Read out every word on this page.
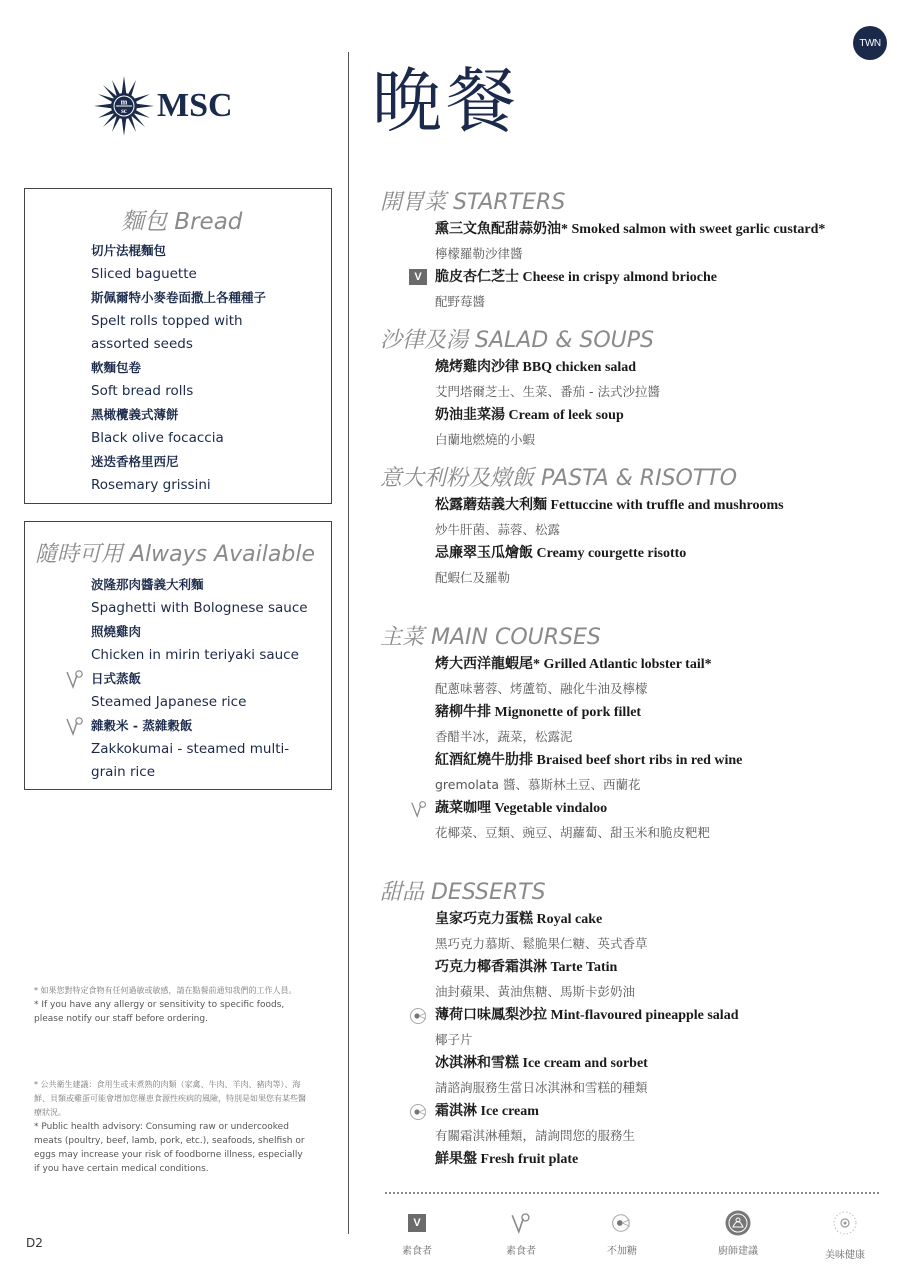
TWN
m
sc MSC 晚餐
麵包 Bread
切片法棍麵包
Sliced baguette
斯佩爾特小麥卷面撒上各種種子
Spelt rolls topped with assorted seeds
軟麵包卷
Soft bread rolls
黑橄欖義式薄餅
Black olive focaccia
迷迭香格里西尼
Rosemary grissini
隨時可用 Always Available
波隆那肉醬義大利麵
Spaghetti with Bolognese sauce
照燒雞肉
Chicken in mirin teriyaki sauce
日式蒸飯
Steamed Japanese rice
雜穀米 - 蒸雜穀飯
Zakkokumai - steamed multi-grain rice

* 如果您對特定食物有任何過敏或敏感，請在點餐前通知我們的工作人員。

* If you have any allergy or sensitivity to specific foods, please notify our staff before ordering.

* 公共衛生建議：食用生或未煮熟的肉類（家禽、牛肉、羊肉、豬肉等）、海鮮、貝類或雞蛋可能會增加您罹患食源性疾病的風險，特別是如果您有某些醫療狀況。

* Public health advisory: Consuming raw or undercooked meats (poultry, beef, lamb, pork, etc.), seafoods, shelfish or eggs may increase your risk of foodborne illness, especially if you have certain medical conditions.

D2
開胃菜 STARTERS
熏三文魚配甜蒜奶油* Smoked salmon with sweet garlic custard*
檸檬羅勒沙律醬
V 脆皮杏仁芝士 Cheese in crispy almond brioche
配野莓醬
沙律及湯 SALAD & SOUPS
燒烤雞肉沙律 BBQ chicken salad
艾門塔爾芝士、生菜、番茄 - 法式沙拉醬
奶油韭菜湯 Cream of leek soup
白蘭地燃燒的小蝦
意大利粉及燉飯 PASTA & RISOTTO
松露蘑菇義大利麵 Fettuccine with truffle and mushrooms
炒牛肝菌、蒜蓉、松露
忌廉翠玉瓜燴飯 Creamy courgette risotto
配蝦仁及羅勒
主菜 MAIN COURSES
烤大西洋龍蝦尾* Grilled Atlantic lobster tail*
配蔥味薯蓉、烤蘆筍、融化牛油及檸檬
豬柳牛排 Mignonette of pork fillet
香醋半冰，蔬菜，松露泥
紅酒紅燒牛肋排 Braised beef short ribs in red wine
gremolata 醬、慕斯林土豆、西蘭花
蔬菜咖哩 Vegetable vindaloo
花椰菜、豆類、豌豆、胡蘿蔔、甜玉米和脆皮粑粑
甜品 DESSERTS
皇家巧克力蛋糕 Royal cake
黑巧克力慕斯、鬆脆果仁糖、英式香草
巧克力椰香霜淇淋 Tarte Tatin
油封蘋果、黃油焦糖、馬斯卡彭奶油
薄荷口味鳳梨沙拉 Mint-flavoured pineapple salad
椰子片
冰淇淋和雪糕 Ice cream and sorbet
請諮詢服務生當日冰淇淋和雪糕的種類
霜淇淋 Ice cream
有關霜淇淋種類，請詢問您的服務生
鮮果盤 Fresh fruit plate
V
素食者	素食者	不加糖	廚師建議	美味健康
